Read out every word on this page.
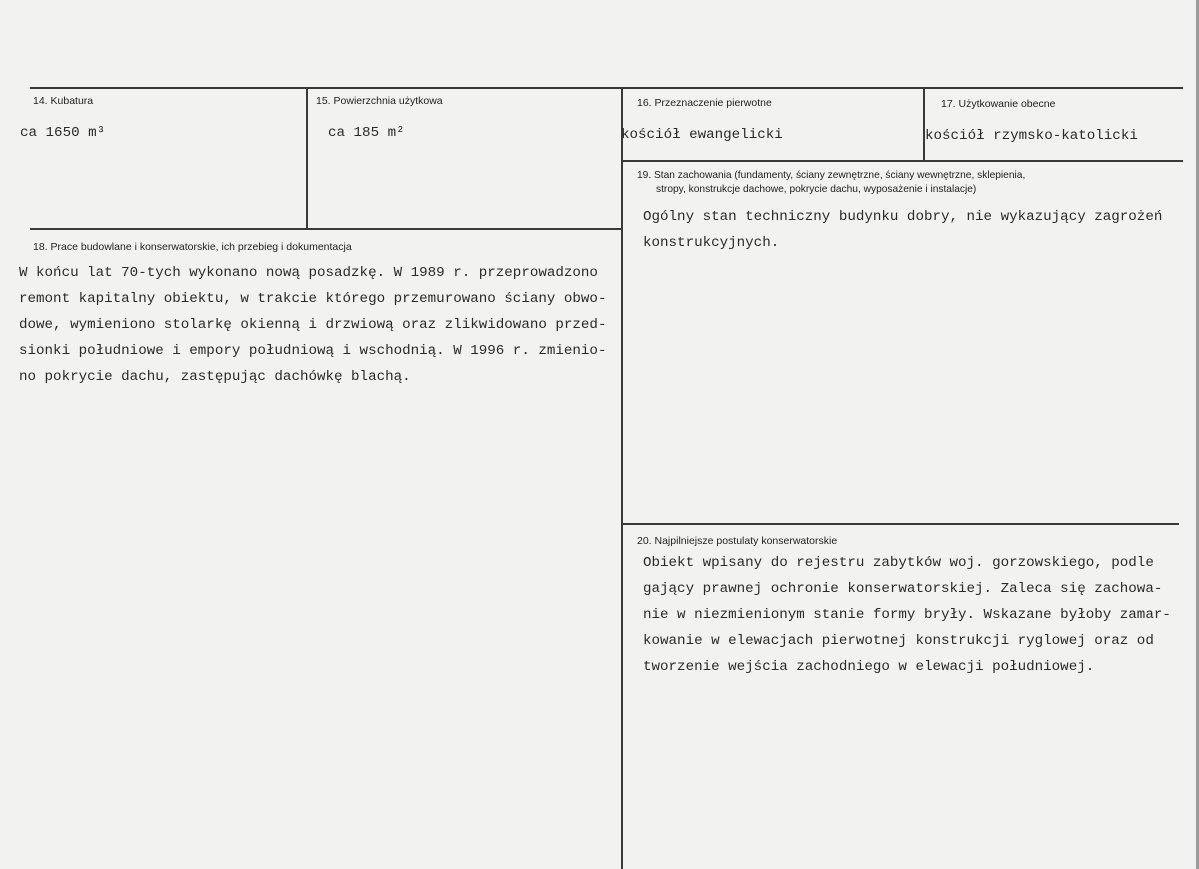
14. Kubatura
ca 1650 m³
15. Powierzchnia użytkowa
ca 185 m²
16. Przeznaczenie pierwotne
kościół ewangelicki
17. Użytkowanie obecne
kościół rzymsko-katolicki
19. Stan zachowania (fundamenty, ściany zewnętrzne, ściany wewnętrzne, sklepienia,
stropy, konstrukcje dachowe, pokrycie dachu, wyposażenie i instalacje)
Ogólny stan techniczny budynku dobry, nie wykazujący zagrożeń
konstrukcyjnych.
18. Prace budowlane i konserwatorskie, ich przebieg i dokumentacja
W końcu lat 70-tych wykonano nową posadzkę. W 1989 r. przeprowadzono
remont kapitalny obiektu, w trakcie którego przemurowano ściany obwo-
dowe, wymieniono stolarkę okienną i drzwiową oraz zlikwidowano przed-
sionki południowe i empory południową i wschodnią. W 1996 r. zmienio-
no pokrycie dachu, zastępując dachówkę blachą.
20. Najpilniejsze postulaty konserwatorskie
Obiekt wpisany do rejestru zabytków woj. gorzowskiego, podle
gający prawnej ochronie konserwatorskiej. Zaleca się zachowa-
nie w niezmienionym stanie formy bryły. Wskazane byłoby zamar-
kowanie w elewacjach pierwotnej konstrukcji ryglowej oraz od
tworzenie wejścia zachodniego w elewacji południowej.
